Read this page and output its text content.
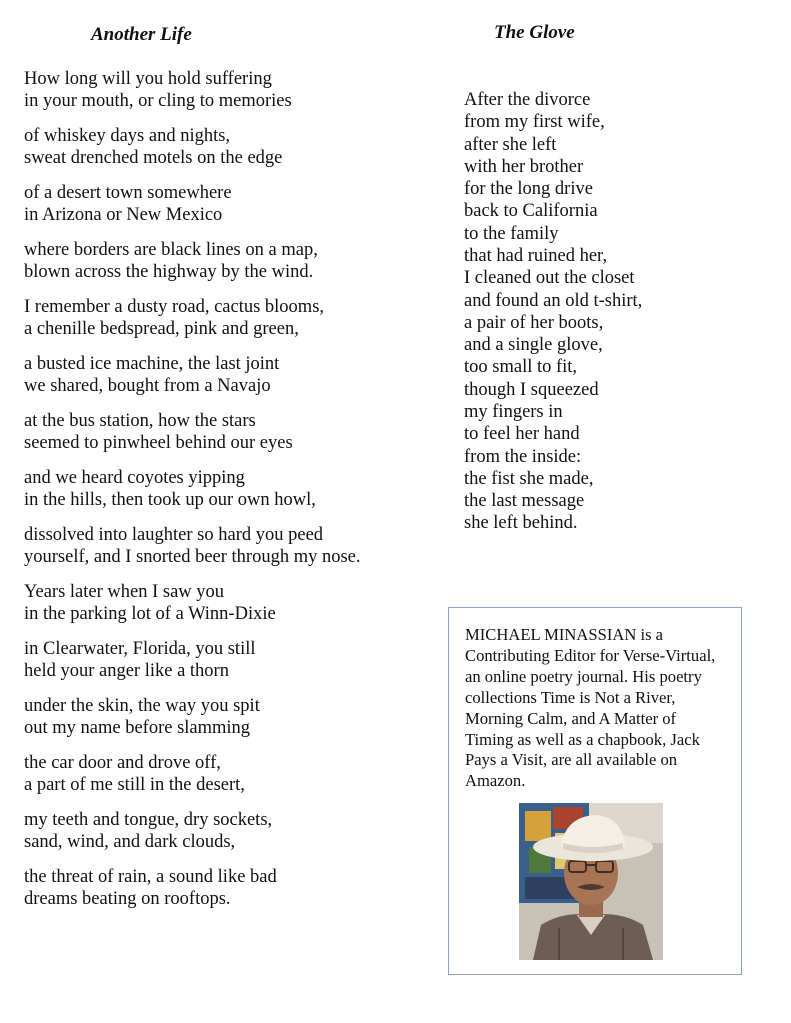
Another Life	The Glove
How long will you hold suffering
in your mouth, or cling to memories
of whiskey days and nights,
sweat drenched motels on the edge
of a desert town somewhere
in Arizona or New Mexico
where borders are black lines on a map,
blown across the highway by the wind.
I remember a dusty road, cactus blooms,
a chenille bedspread, pink and green,
a busted ice machine, the last joint
we shared, bought from a Navajo
at the bus station, how the stars
seemed to pinwheel behind our eyes
and we heard coyotes yipping
in the hills, then took up our own howl,
dissolved into laughter so hard you peed
yourself, and I snorted beer through my nose.
Years later when I saw you
in the parking lot of a Winn-Dixie
in Clearwater, Florida, you still
held your anger like a thorn
under the skin, the way you spit
out my name before slamming
the car door and drove off,
a part of me still in the desert,
my teeth and tongue, dry sockets,
sand, wind, and dark clouds,
the threat of rain, a sound like bad
dreams beating on rooftops.
After the divorce
from my first wife,
after she left
with her brother
for the long drive
back to California
to the family
that had ruined her,
I cleaned out the closet
and found an old t-shirt,
a pair of her boots,
and a single glove,
too small to fit,
though I squeezed
my fingers in
to feel her hand
from the inside:
the fist she made,
the last message
she left behind.
MICHAEL MINASSIAN is a
Contributing Editor for Verse-Virtual,
an online poetry journal. His poetry
collections Time is Not a River,
Morning Calm, and A Matter of
Timing as well as a chapbook, Jack
Pays a Visit, are all available on
Amazon.
